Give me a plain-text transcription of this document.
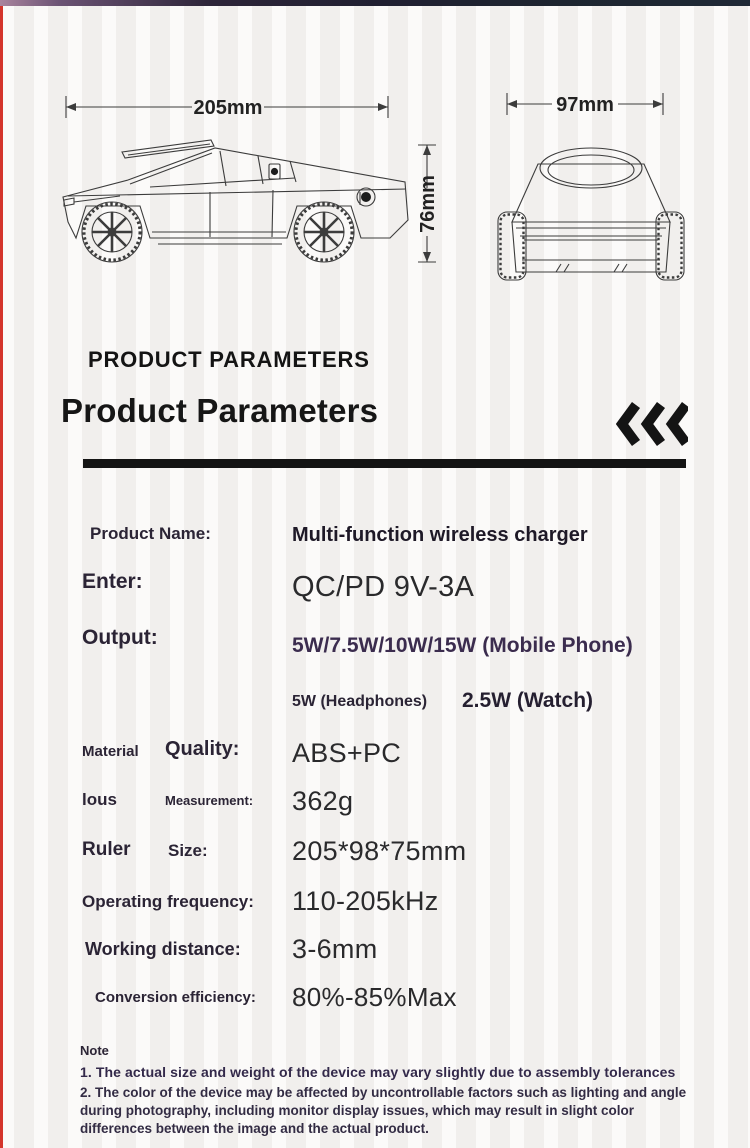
205mm	97mm
76mm
PRODUCT PARAMETERS
Product Parameters
Product Name:	Multi-function wireless charger
Enter:	QC/PD 9V-3A
Output:	5W/7.5W/10W/15W (Mobile Phone)
5W (Headphones) 2.5W (Watch)
Material Quality: ABS+PC
lous	Measurement: 362g
Ruler Size:	205*98*75mm
Operating frequency: 110-205kHz
Working distance: 3-6mm
Conversion efficiency: 80%-85%Max
Note
1. The actual size and weight of the device may vary slightly due to assembly tolerances
2. The color of the device may be affected by uncontrollable factors such as lighting and angle during photography, including monitor display issues, which may result in slight color differences between the image and the actual product.
